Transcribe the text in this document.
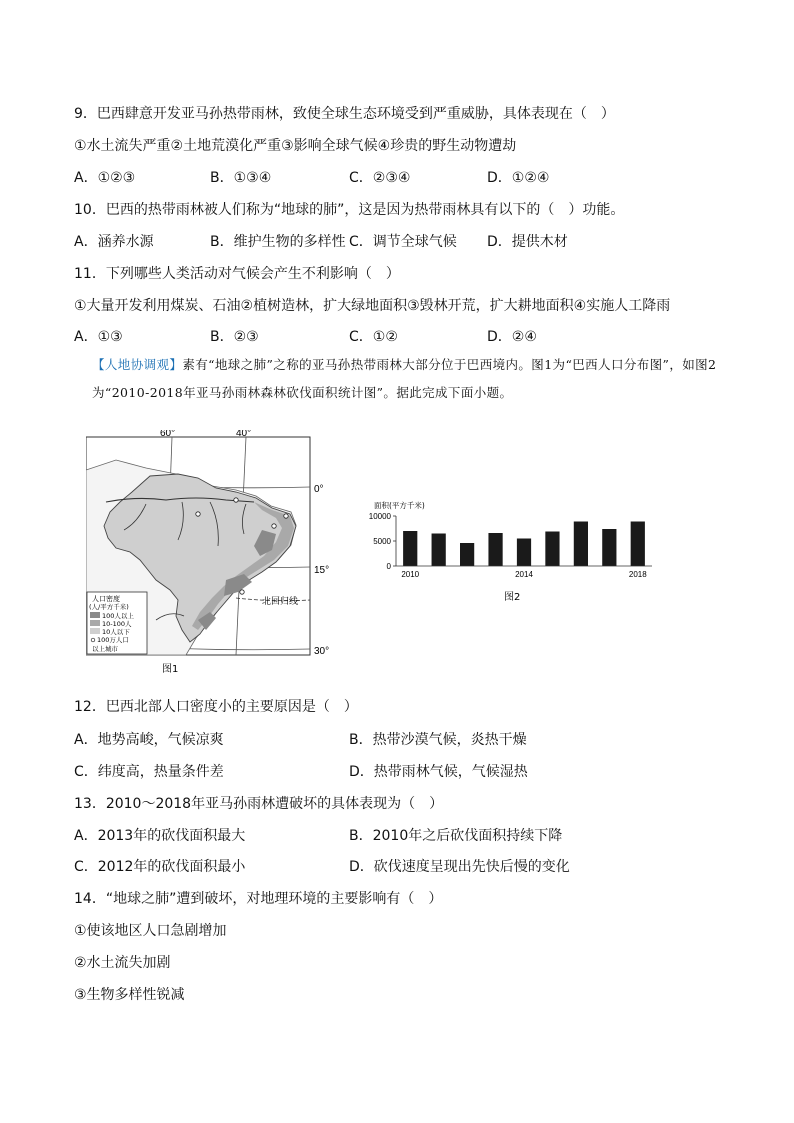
9．巴西肆意开发亚马孙热带雨林，致使全球生态环境受到严重威胁，具体表现在（　）
①水土流失严重②土地荒漠化严重③影响全球气候④珍贵的野生动物遭劫
A．①②③	B．①③④	C．②③④	D．①②④
10．巴西的热带雨林被人们称为“地球的肺”，这是因为热带雨林具有以下的（　）功能。
A．涵养水源	B．维护生物的多样性 C．调节全球气候 D．提供木材
11．下列哪些人类活动对气候会产生不利影响（　）
①大量开发利用煤炭、石油②植树造林，扩大绿地面积③毁林开荒，扩大耕地面积④实施人工降雨
A．①③	B．②③	C．①②	D．②④
【人地协调观】素有“地球之肺”之称的亚马孙热带雨林大部分位于巴西境内。图1为“巴西人口分布图”，如图2为“2010-2018年亚马孙雨林森林砍伐面积统计图”。据此完成下面小题。
60°	40°
0°
15°
30°
北回归线
人口密度
(人/平方千米)
100人以上
10-100人
10人以下
100万人口
以上城市
图1
面积(平方千米)
0
5000
10000
2010	2014	2018
图2
12．巴西北部人口密度小的主要原因是（　）
A．地势高峻，气候凉爽	B．热带沙漠气候，炎热干燥
C．纬度高，热量条件差	D．热带雨林气候，气候湿热
13．2010～2018年亚马孙雨林遭破坏的具体表现为（　）
A．2013年的砍伐面积最大	B．2010年之后砍伐面积持续下降
C．2012年的砍伐面积最小	D．砍伐速度呈现出先快后慢的变化
14．“地球之肺”遭到破坏，对地理环境的主要影响有（　）
①使该地区人口急剧增加
②水土流失加剧
③生物多样性锐减
